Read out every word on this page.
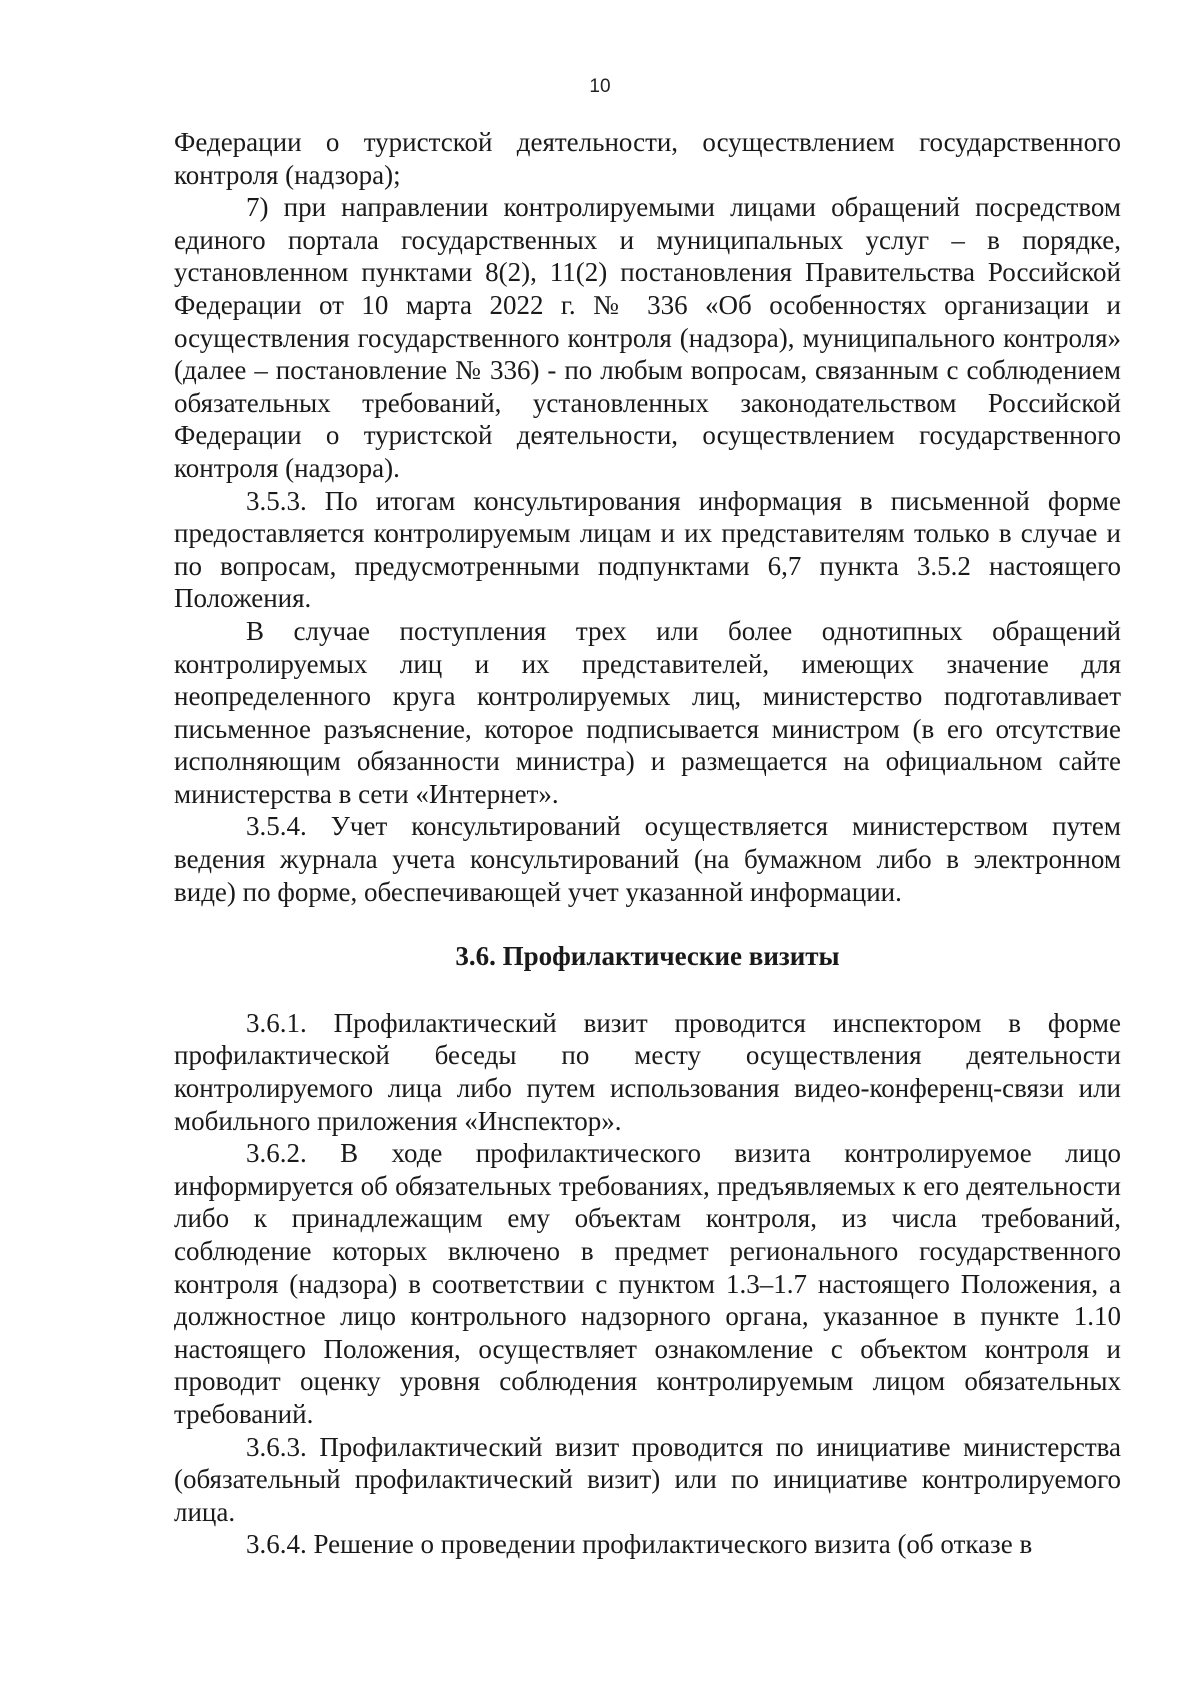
10

Федерации о туристской деятельности, осуществлением государственного контроля (надзора);

7) при направлении контролируемыми лицами обращений посредством единого портала государственных и муниципальных услуг – в порядке, установленном пунктами 8(2), 11(2) постановления Правительства Российской Федерации от 10 марта 2022 г. № 336 «Об особенностях организации и осуществления государственного контроля (надзора), муниципального контроля» (далее – постановление № 336) - по любым вопросам, связанным с соблюдением обязательных требований, установленных законодательством Российской Федерации о туристской деятельности, осуществлением государственного контроля (надзора).

3.5.3. По итогам консультирования информация в письменной форме предоставляется контролируемым лицам и их представителям только в случае и по вопросам, предусмотренными подпунктами 6,7 пункта 3.5.2 настоящего Положения.

В случае поступления трех или более однотипных обращений контролируемых лиц и их представителей, имеющих значение для неопределенного круга контролируемых лиц, министерство подготавливает письменное разъяснение, которое подписывается министром (в его отсутствие исполняющим обязанности министра) и размещается на официальном сайте министерства в сети «Интернет».

3.5.4. Учет консультирований осуществляется министерством путем ведения журнала учета консультирований (на бумажном либо в электронном виде) по форме, обеспечивающей учет указанной информации.

3.6. Профилактические визиты

3.6.1. Профилактический визит проводится инспектором в форме профилактической беседы по месту осуществления деятельности контролируемого лица либо путем использования видео-конференц-связи или мобильного приложения «Инспектор».

3.6.2. В ходе профилактического визита контролируемое лицо информируется об обязательных требованиях, предъявляемых к его деятельности либо к принадлежащим ему объектам контроля, из числа требований, соблюдение которых включено в предмет регионального государственного контроля (надзора) в соответствии с пунктом 1.3–1.7 настоящего Положения, а должностное лицо контрольного надзорного органа, указанное в пункте 1.10 настоящего Положения, осуществляет ознакомление с объектом контроля и проводит оценку уровня соблюдения контролируемым лицом обязательных требований.

3.6.3. Профилактический визит проводится по инициативе министерства (обязательный профилактический визит) или по инициативе контролируемого лица.

3.6.4. Решение о проведении профилактического визита (об отказе в
